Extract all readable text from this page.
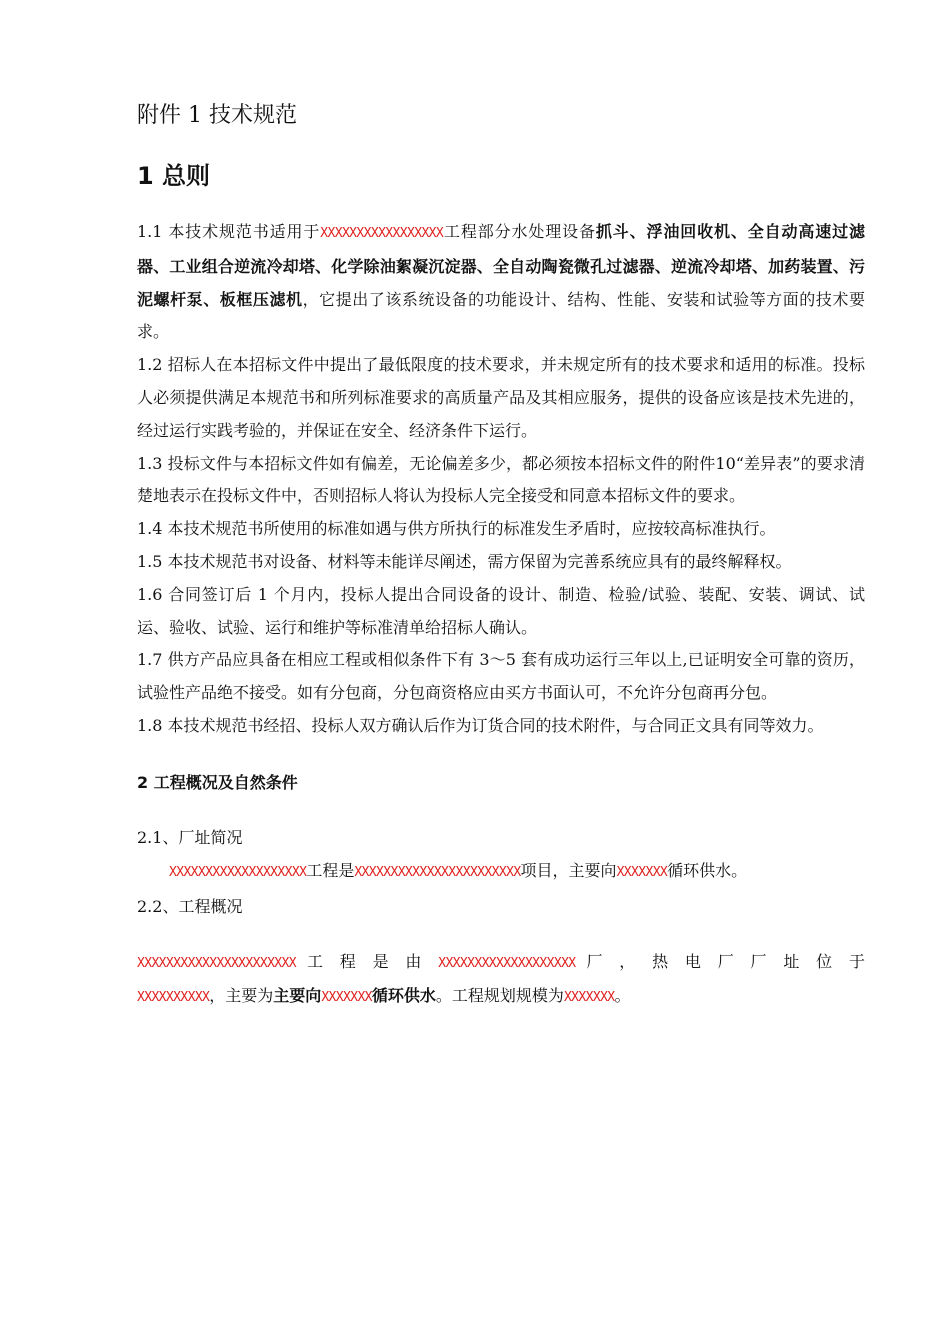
附件 1 技术规范
1 总则

1.1 本技术规范书适用于XXXXXXXXXXXXXXXXX工程部分水处理设备抓斗、浮油回收机、全自动高速过滤器、工业组合逆流冷却塔、化学除油絮凝沉淀器、全自动陶瓷微孔过滤器、逆流冷却塔、加药装置、污泥螺杆泵、板框压滤机，它提出了该系统设备的功能设计、结构、性能、安装和试验等方面的技术要求。

1.2 招标人在本招标文件中提出了最低限度的技术要求，并未规定所有的技术要求和适用的标准。投标人必须提供满足本规范书和所列标准要求的高质量产品及其相应服务，提供的设备应该是技术先进的，经过运行实践考验的，并保证在安全、经济条件下运行。

1.3 投标文件与本招标文件如有偏差，无论偏差多少，都必须按本招标文件的附件10“差异表”的要求清楚地表示在投标文件中，否则招标人将认为投标人完全接受和同意本招标文件的要求。

1.4 本技术规范书所使用的标准如遇与供方所执行的标准发生矛盾时，应按较高标准执行。

1.5 本技术规范书对设备、材料等未能详尽阐述，需方保留为完善系统应具有的最终解释权。

1.6 合同签订后 1 个月内，投标人提出合同设备的设计、制造、检验/试验、装配、安装、调试、试运、验收、试验、运行和维护等标准清单给招标人确认。

1.7 供方产品应具备在相应工程或相似条件下有 3～5 套有成功运行三年以上,已证明安全可靠的资历，试验性产品绝不接受。如有分包商，分包商资格应由买方书面认可，不允许分包商再分包。

1.8 本技术规范书经招、投标人双方确认后作为订货合同的技术附件，与合同正文具有同等效力。

2 工程概况及自然条件

2.1、厂址简况

XXXXXXXXXXXXXXXXXXX工程是XXXXXXXXXXXXXXXXXXXXXXX项目，主要向XXXXXXX循环供水。

2.2、工程概况

XXXXXXXXXXXXXXXXXXXXXX 工 程 是 由 XXXXXXXXXXXXXXXXXXX 厂 ， 热 电 厂 厂 址 位 于

XXXXXXXXXX，主要为主要向XXXXXXX循环供水。工程规划规模为XXXXXXX。
